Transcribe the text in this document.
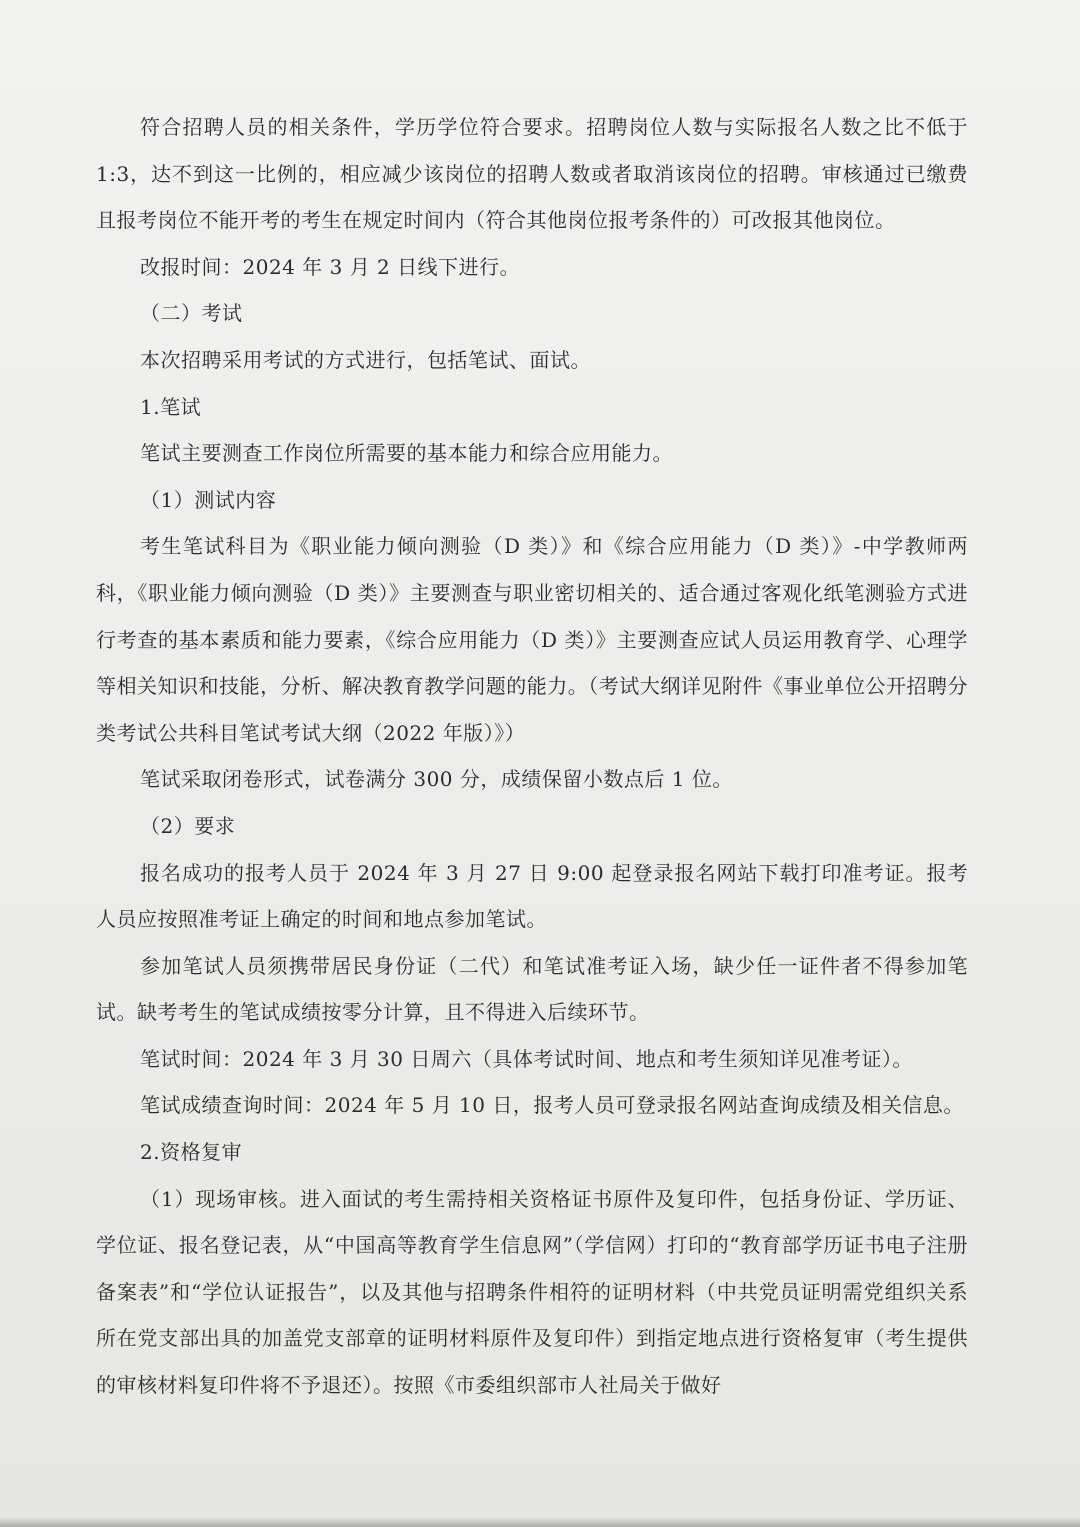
符合招聘人员的相关条件，学历学位符合要求。招聘岗位人数与实际报名人数之比不低于 1:3，达不到这一比例的，相应减少该岗位的招聘人数或者取消该岗位的招聘。审核通过已缴费且报考岗位不能开考的考生在规定时间内（符合其他岗位报考条件的）可改报其他岗位。

改报时间：2024 年 3 月 2 日线下进行。

（二）考试

本次招聘采用考试的方式进行，包括笔试、面试。

1.笔试

笔试主要测查工作岗位所需要的基本能力和综合应用能力。

（1）测试内容

考生笔试科目为《职业能力倾向测验（D 类）》和《综合应用能力（D 类）》-中学教师两科，《职业能力倾向测验（D 类）》主要测查与职业密切相关的、适合通过客观化纸笔测验方式进行考查的基本素质和能力要素，《综合应用能力（D 类）》主要测查应试人员运用教育学、心理学等相关知识和技能，分析、解决教育教学问题的能力。（考试大纲详见附件《事业单位公开招聘分类考试公共科目笔试考试大纲（2022 年版）》）

笔试采取闭卷形式，试卷满分 300 分，成绩保留小数点后 1 位。

（2）要求

报名成功的报考人员于 2024 年 3 月 27 日 9:00 起登录报名网站下载打印准考证。报考人员应按照准考证上确定的时间和地点参加笔试。

参加笔试人员须携带居民身份证（二代）和笔试准考证入场，缺少任一证件者不得参加笔试。缺考考生的笔试成绩按零分计算，且不得进入后续环节。

笔试时间：2024 年 3 月 30 日周六（具体考试时间、地点和考生须知详见准考证）。

笔试成绩查询时间：2024 年 5 月 10 日，报考人员可登录报名网站查询成绩及相关信息。

2.资格复审

（1）现场审核。进入面试的考生需持相关资格证书原件及复印件，包括身份证、学历证、学位证、报名登记表，从“中国高等教育学生信息网”（学信网）打印的“教育部学历证书电子注册备案表”和“学位认证报告”，以及其他与招聘条件相符的证明材料（中共党员证明需党组织关系所在党支部出具的加盖党支部章的证明材料原件及复印件）到指定地点进行资格复审（考生提供的审核材料复印件将不予退还）。按照《市委组织部市人社局关于做好
